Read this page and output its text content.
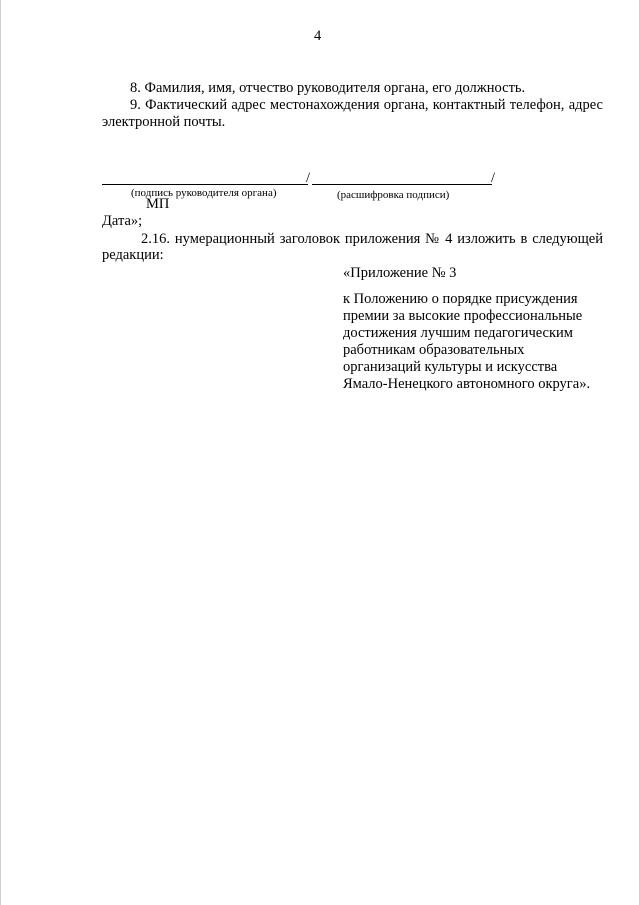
4
8. Фамилия, имя, отчество руководителя органа, его должность.
9. Фактический адрес местонахождения органа, контактный телефон, адрес
электронной почты.
/	/
(подпись руководителя органа)	(расшифровка подписи)
МП
Дата»;
2.16. нумерационный заголовок приложения № 4 изложить в следующей
редакции:
«Приложение № 3
к Положению о порядке присуждения
премии за высокие профессиональные
достижения лучшим педагогическим
работникам образовательных
организаций культуры и искусства
Ямало-Ненецкого автономного округа».
